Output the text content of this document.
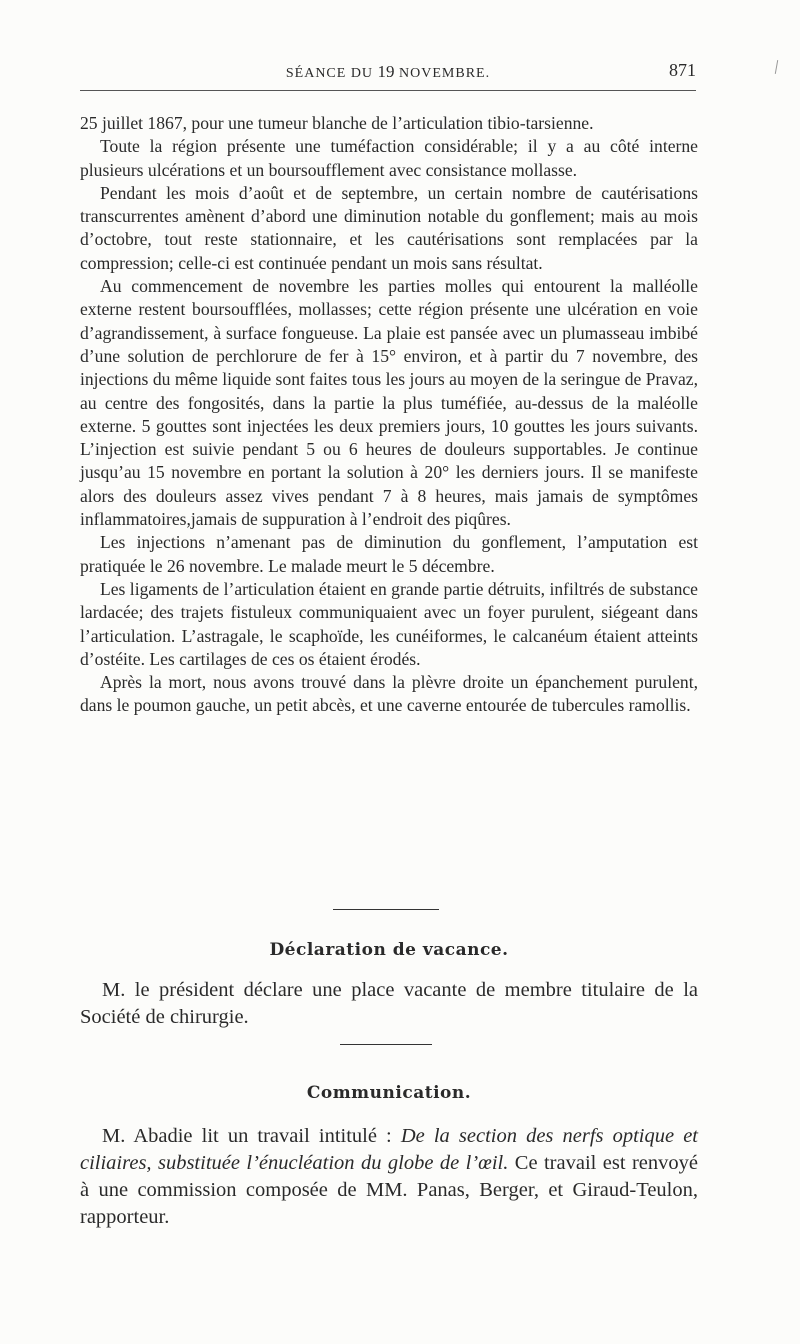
SÉANCE DU 19 NOVEMBRE.	871

25 juillet 1867, pour une tumeur blanche de l’articulation tibio-tarsienne.

Toute la région présente une tuméfaction considérable; il y a au côté interne plusieurs ulcérations et un boursoufflement avec consistance mollasse.

Pendant les mois d’août et de septembre, un certain nombre de cautérisations transcurrentes amènent d’abord une diminution notable du gonflement; mais au mois d’octobre, tout reste stationnaire, et les cautérisations sont remplacées par la compression; celle-ci est continuée pendant un mois sans résultat.

Au commencement de novembre les parties molles qui entourent la malléolle externe restent boursoufflées, mollasses; cette région présente une ulcération en voie d’agrandissement, à surface fongueuse. La plaie est pansée avec un plumasseau imbibé d’une solution de perchlorure de fer à 15° environ, et à partir du 7 novembre, des injections du même liquide sont faites tous les jours au moyen de la seringue de Pravaz, au centre des fongosités, dans la partie la plus tuméfiée, au-dessus de la maléolle externe. 5 gouttes sont injectées les deux premiers jours, 10 gouttes les jours suivants. L’injection est suivie pendant 5 ou 6 heures de douleurs supportables. Je continue jusqu’au 15 novembre en portant la solution à 20° les derniers jours. Il se manifeste alors des douleurs assez vives pendant 7 à 8 heures, mais jamais de symptômes inflammatoires,jamais de suppuration à l’endroit des piqûres.

Les injections n’amenant pas de diminution du gonflement, l’amputation est pratiquée le 26 novembre. Le malade meurt le 5 décembre.

Les ligaments de l’articulation étaient en grande partie détruits, infiltrés de substance lardacée; des trajets fistuleux communiquaient avec un foyer purulent, siégeant dans l’articulation. L’astragale, le scaphoïde, les cunéiformes, le calcanéum étaient atteints d’ostéite. Les cartilages de ces os étaient érodés.

Après la mort, nous avons trouvé dans la plèvre droite un épanchement purulent, dans le poumon gauche, un petit abcès, et une caverne entourée de tubercules ramollis.

Déclaration de vacance.

M. le président déclare une place vacante de membre titulaire de la Société de chirurgie.

Communication.

M. Abadie lit un travail intitulé : De la section des nerfs optique et ciliaires, substituée l’énucléation du globe de l’œil. Ce travail est renvoyé à une commission composée de MM. Panas, Berger, et Giraud-Teulon, rapporteur.
